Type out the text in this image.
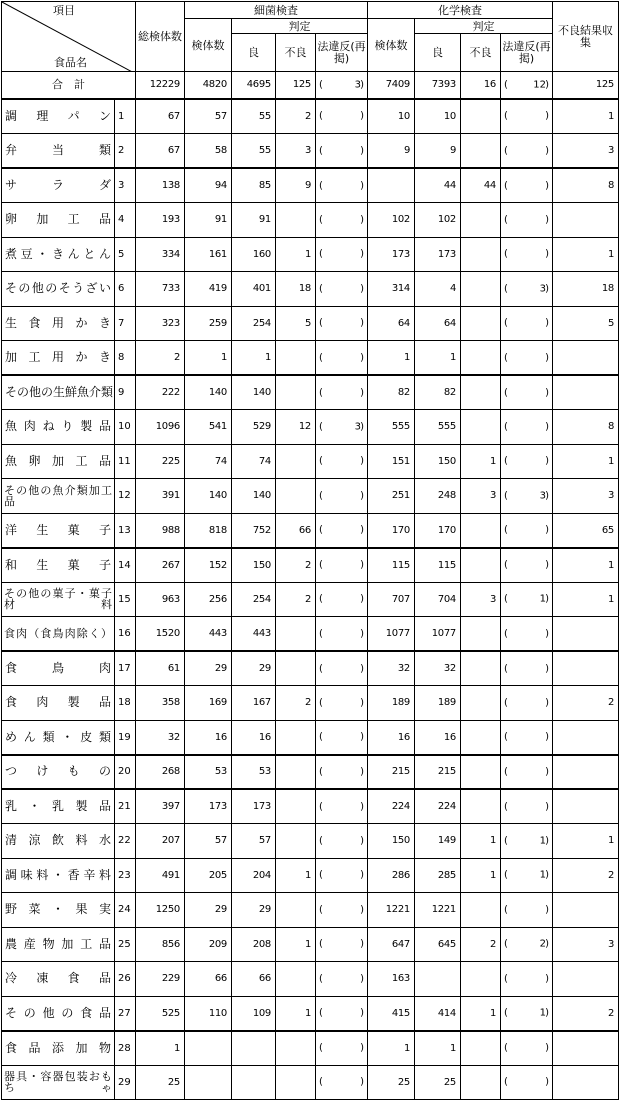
項目
食品名		総検体数	細菌検査				化学検査				不良結果収集
			検体数	判定			検体数	判定			
				良	不良	法違反(再掲)		良	不良	法違反(再掲)	
合　計		12229	4820	4695	125	( 3 )	7409	7393	16	( 12 )	125
調理パン	1	67	57	55	2	( )	10	10		( )	1
弁当類	2	67	58	55	3	( )	9	9		( )	3
サラダ	3	138	94	85	9	( )		44	44	( )	8
卵加工品	4	193	91	91		( )	102	102		( )	

煮豆・きんとん	5	334	161	160	1	( )	173	173		( )	1
その他のそうざい	6	733	419	401	18	( )	314	4		( 3 )	18
生食用かき	7	323	259	254	5	( )	64	64		( )	5
加工用かき	8	2	1	1		( )	1	1		( )	

その他の生鮮魚介類	9	222	140	140		( )	82	82		( )	

魚肉ねり製品	10	1096	541	529	12	( 3 )	555	555		( )	8
魚卵加工品	11	225	74	74		( )	151	150	1	( )	1
その他の魚介類加工品	12	391	140	140		( )	251	248	3	( 3 )	3
洋生菓子	13	988	818	752	66	( )	170	170		( )	65
和生菓子	14	267	152	150	2	( )	115	115		( )	1
その他の菓子・菓子材料	15	963	256	254	2	( )	707	704	3	( 1 )	1
食肉（食鳥肉除く）	16	1520	443	443		( )	1077	1077		( )	

食鳥肉	17	61	29	29		( )	32	32		( )	

食肉製品	18	358	169	167	2	( )	189	189		( )	2
めん類・皮類	19	32	16	16		( )	16	16		( )	

つけもの	20	268	53	53		( )	215	215		( )	

乳・乳製品	21	397	173	173		( )	224	224		( )	

清涼飲料水	22	207	57	57		( )	150	149	1	( 1 )	1
調味料・香辛料	23	491	205	204	1	( )	286	285	1	( 1 )	2
野菜・果実	24	1250	29	29		( )	1221	1221		( )	

農産物加工品	25	856	209	208	1	( )	647	645	2	( 2 )	3
冷凍食品	26	229	66	66		( )	163			( )	

その他の食品	27	525	110	109	1	( )	415	414	1	( 1 )	2
食品添加物	28	1				( )	1	1		( )	

器具・容器包装おもちゃ	29	25				( )	25	25		( )	
